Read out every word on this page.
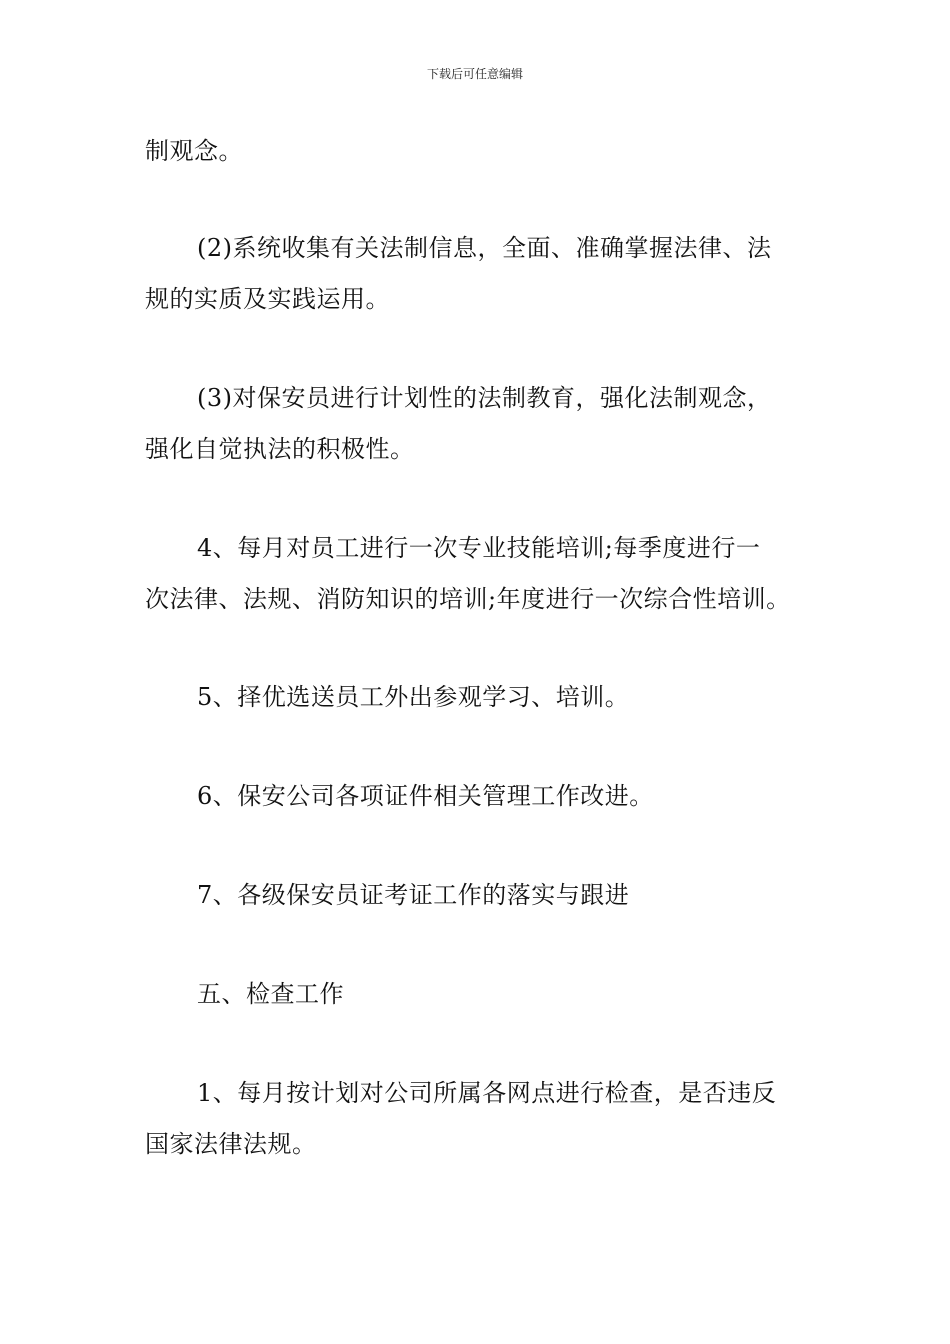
下载后可任意编辑

制观念。

(2)系统收集有关法制信息，全面、准确掌握法律、法
规的实质及实践运用。

(3)对保安员进行计划性的法制教育，强化法制观念，
强化自觉执法的积极性。

4、每月对员工进行一次专业技能培训;每季度进行一
次法律、法规、消防知识的培训;年度进行一次综合性培训。

5、择优选送员工外出参观学习、培训。

6、保安公司各项证件相关管理工作改进。

7、各级保安员证考证工作的落实与跟进

五、检查工作

1、每月按计划对公司所属各网点进行检查，是否违反
国家法律法规。
